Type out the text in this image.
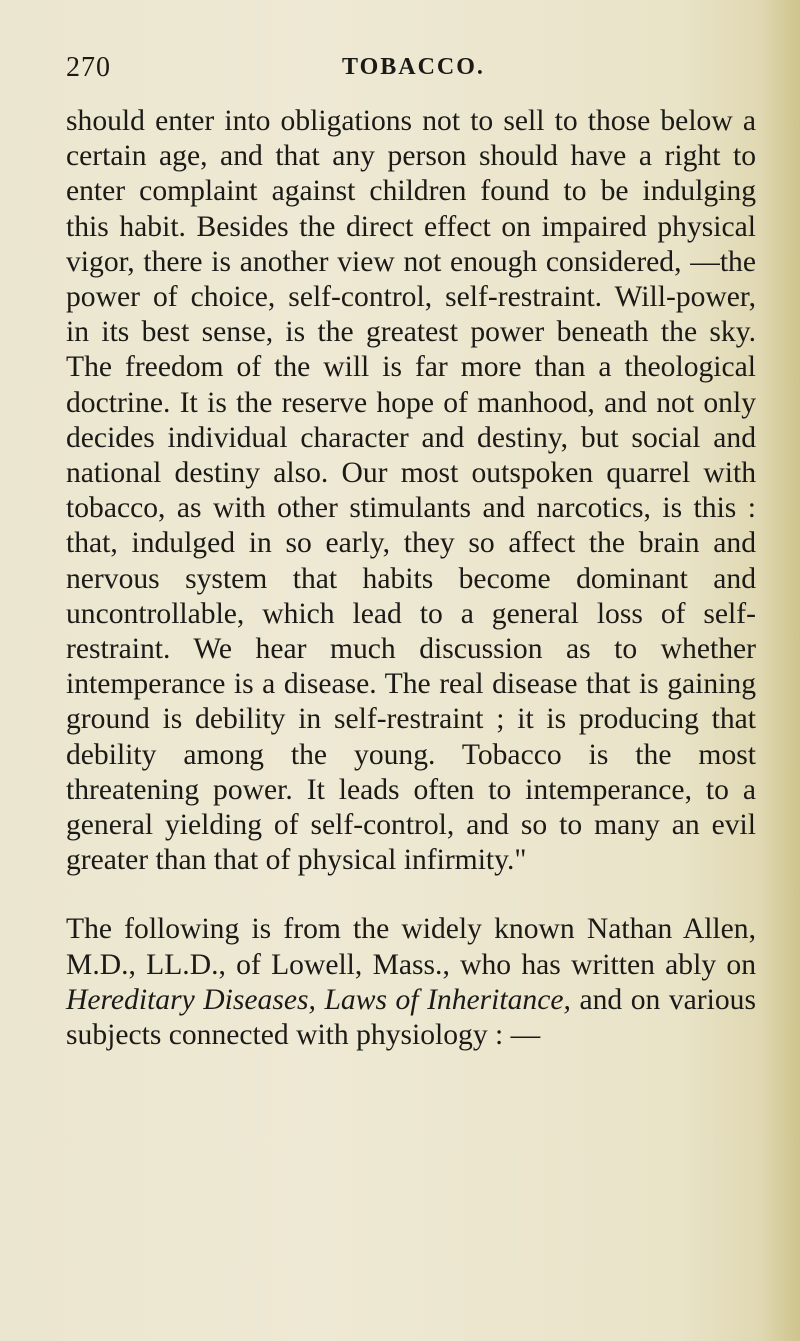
270	TOBACCO.

should enter into obligations not to sell to those below a certain age, and that any person should have a right to enter complaint against children found to be indulging this habit. Besides the direct effect on impaired physical vigor, there is another view not enough considered, —the power of choice, self-control, self-restraint. Will-power, in its best sense, is the greatest power beneath the sky. The freedom of the will is far more than a theological doctrine. It is the reserve hope of manhood, and not only decides individual character and destiny, but social and national destiny also. Our most outspoken quarrel with tobacco, as with other stimulants and narcotics, is this : that, indulged in so early, they so affect the brain and nervous system that habits become dominant and uncontrollable, which lead to a general loss of self-restraint. We hear much discussion as to whether intemperance is a disease. The real disease that is gaining ground is debility in self-restraint ; it is producing that debility among the young. Tobacco is the most threatening power. It leads often to intemperance, to a general yielding of self-control, and so to many an evil greater than that of physical infirmity."

The following is from the widely known Nathan Allen, M.D., LL.D., of Lowell, Mass., who has written ably on Hereditary Diseases, Laws of Inheritance, and on various subjects connected with physiology : —
